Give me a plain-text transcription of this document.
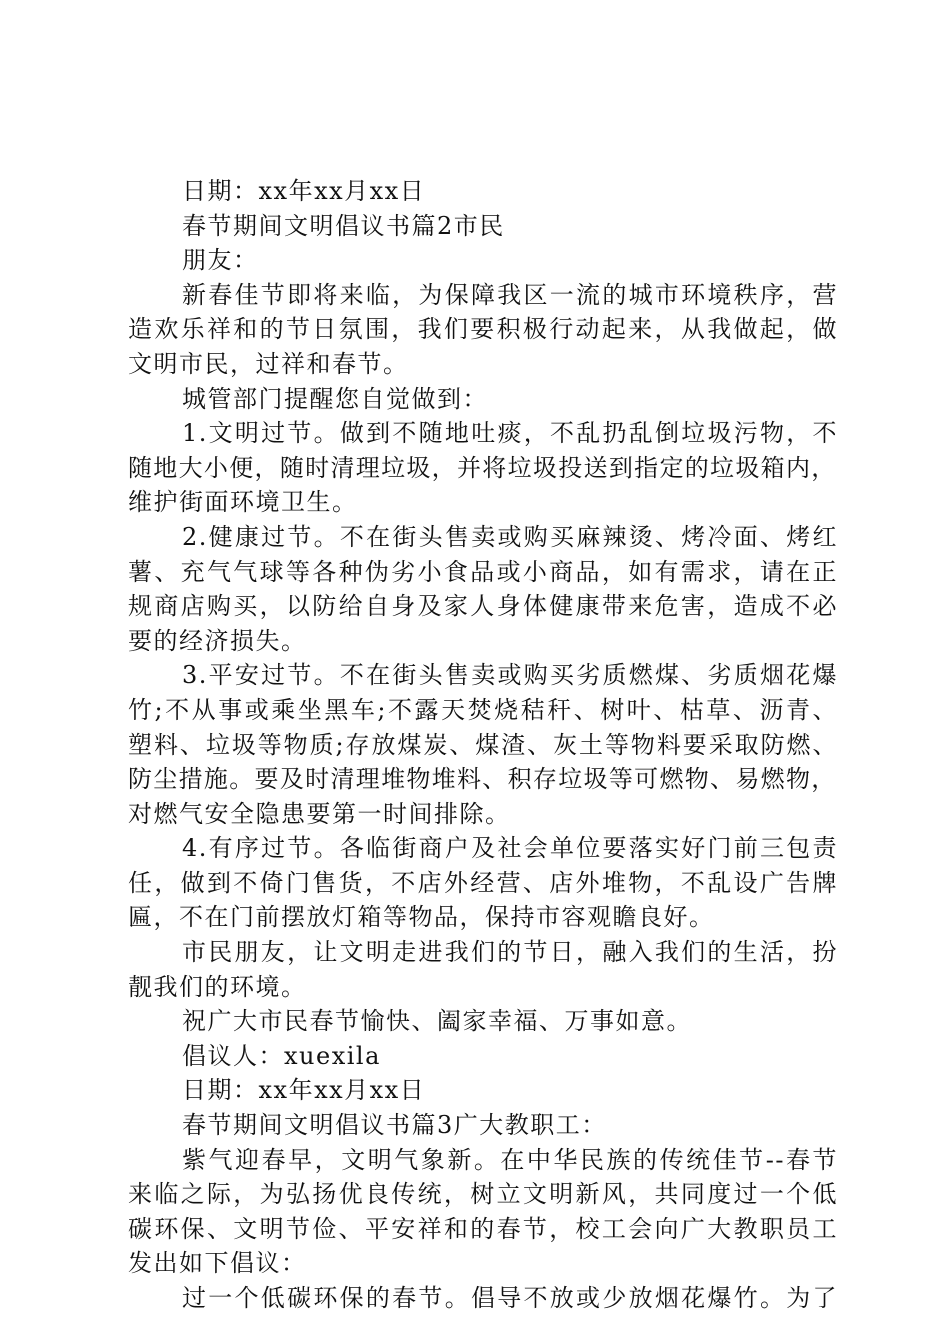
日期：xx年xx月xx日

春节期间文明倡议书篇2市民

朋友：

新春佳节即将来临，为保障我区一流的城市环境秩序，营

造欢乐祥和的节日氛围，我们要积极行动起来，从我做起，做

文明市民，过祥和春节。

城管部门提醒您自觉做到：

1.文明过节。做到不随地吐痰，不乱扔乱倒垃圾污物，不

随地大小便，随时清理垃圾，并将垃圾投送到指定的垃圾箱内，

维护街面环境卫生。

2.健康过节。不在街头售卖或购买麻辣烫、烤冷面、烤红

薯、充气气球等各种伪劣小食品或小商品，如有需求，请在正

规商店购买，以防给自身及家人身体健康带来危害，造成不必

要的经济损失。

3.平安过节。不在街头售卖或购买劣质燃煤、劣质烟花爆

竹;不从事或乘坐黑车;不露天焚烧秸秆、树叶、枯草、沥青、

塑料、垃圾等物质;存放煤炭、煤渣、灰土等物料要采取防燃、

防尘措施。要及时清理堆物堆料、积存垃圾等可燃物、易燃物，

对燃气安全隐患要第一时间排除。

4.有序过节。各临街商户及社会单位要落实好门前三包责

任，做到不倚门售货，不店外经营、店外堆物，不乱设广告牌

匾，不在门前摆放灯箱等物品，保持市容观瞻良好。

市民朋友，让文明走进我们的节日，融入我们的生活，扮

靓我们的环境。

祝广大市民春节愉快、阖家幸福、万事如意。

倡议人：xuexila

日期：xx年xx月xx日

春节期间文明倡议书篇3广大教职工：

紫气迎春早，文明气象新。在中华民族的传统佳节--春节

来临之际，为弘扬优良传统，树立文明新风，共同度过一个低

碳环保、文明节俭、平安祥和的春节，校工会向广大教职员工

发出如下倡议：

过一个低碳环保的春节。倡导不放或少放烟花爆竹。为了
